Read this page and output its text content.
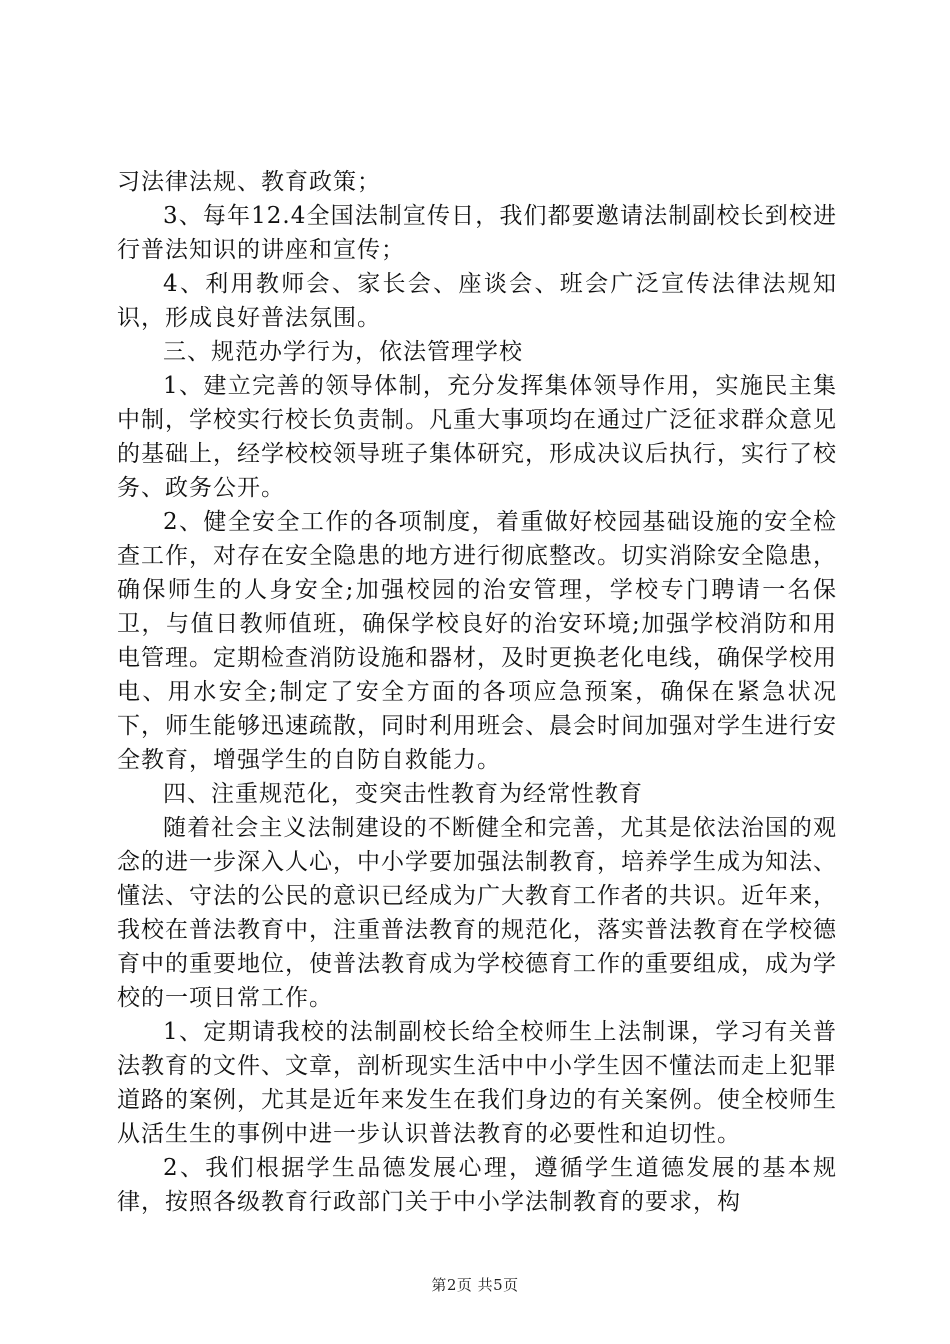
习法律法规、教育政策；

3、每年12.4全国法制宣传日，我们都要邀请法制副校长到校进行普法知识的讲座和宣传；

4、利用教师会、家长会、座谈会、班会广泛宣传法律法规知识，形成良好普法氛围。

三、规范办学行为，依法管理学校

1、建立完善的领导体制，充分发挥集体领导作用，实施民主集中制，学校实行校长负责制。凡重大事项均在通过广泛征求群众意见的基础上，经学校校领导班子集体研究，形成决议后执行，实行了校务、政务公开。

2、健全安全工作的各项制度，着重做好校园基础设施的安全检查工作，对存在安全隐患的地方进行彻底整改。切实消除安全隐患，确保师生的人身安全;加强校园的治安管理，学校专门聘请一名保卫，与值日教师值班，确保学校良好的治安环境;加强学校消防和用电管理。定期检查消防设施和器材，及时更换老化电线，确保学校用电、用水安全;制定了安全方面的各项应急预案，确保在紧急状况下，师生能够迅速疏散，同时利用班会、晨会时间加强对学生进行安全教育，增强学生的自防自救能力。

四、注重规范化，变突击性教育为经常性教育

随着社会主义法制建设的不断健全和完善，尤其是依法治国的观念的进一步深入人心，中小学要加强法制教育，培养学生成为知法、懂法、守法的公民的意识已经成为广大教育工作者的共识。近年来，我校在普法教育中，注重普法教育的规范化，落实普法教育在学校德育中的重要地位，使普法教育成为学校德育工作的重要组成，成为学校的一项日常工作。

1、定期请我校的法制副校长给全校师生上法制课，学习有关普法教育的文件、文章，剖析现实生活中中小学生因不懂法而走上犯罪道路的案例，尤其是近年来发生在我们身边的有关案例。使全校师生从活生生的事例中进一步认识普法教育的必要性和迫切性。

2、我们根据学生品德发展心理，遵循学生道德发展的基本规律，按照各级教育行政部门关于中小学法制教育的要求，构

第2页 共5页
